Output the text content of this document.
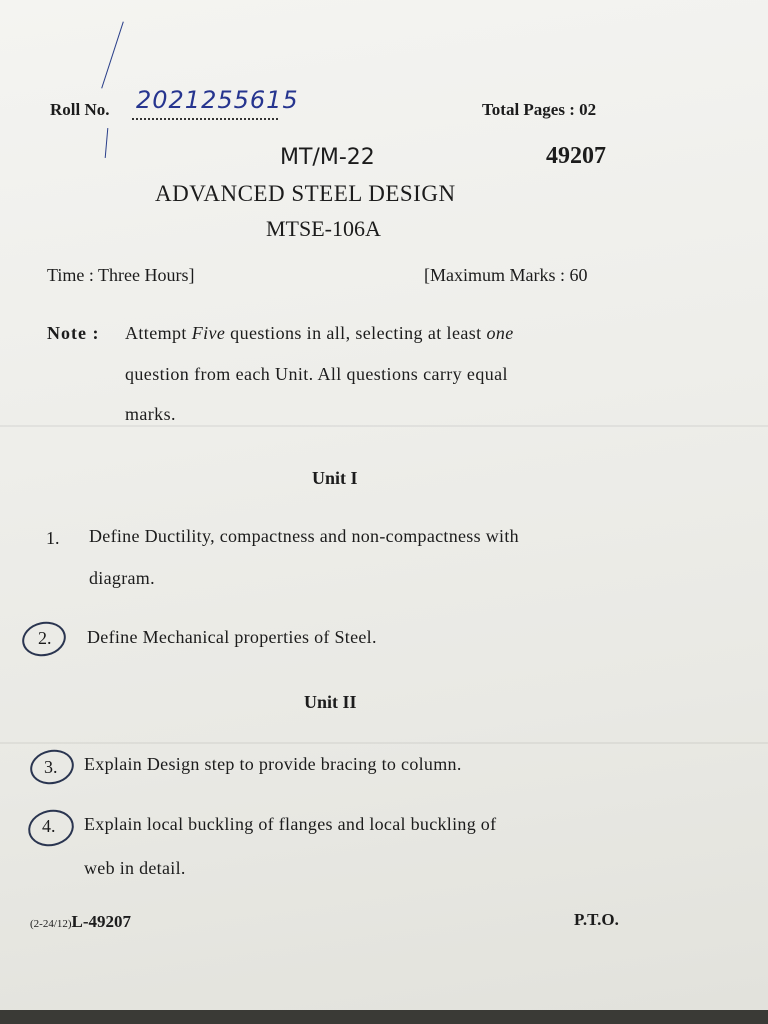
Roll No. 2021255615	Total Pages : 02
MT/M-22	49207
ADVANCED STEEL DESIGN
MTSE-106A
Time : Three Hours]	[Maximum Marks : 60
Note : Attempt Five questions in all, selecting at least one
question from each Unit. All questions carry equal
marks.
Unit I
1. Define Ductility, compactness and non-compactness with
diagram.
2. Define Mechanical properties of Steel.
Unit II
3. Explain Design step to provide bracing to column.
4. Explain local buckling of flanges and local buckling of
web in detail.
(2-24/12)L-49207	P.T.O.
